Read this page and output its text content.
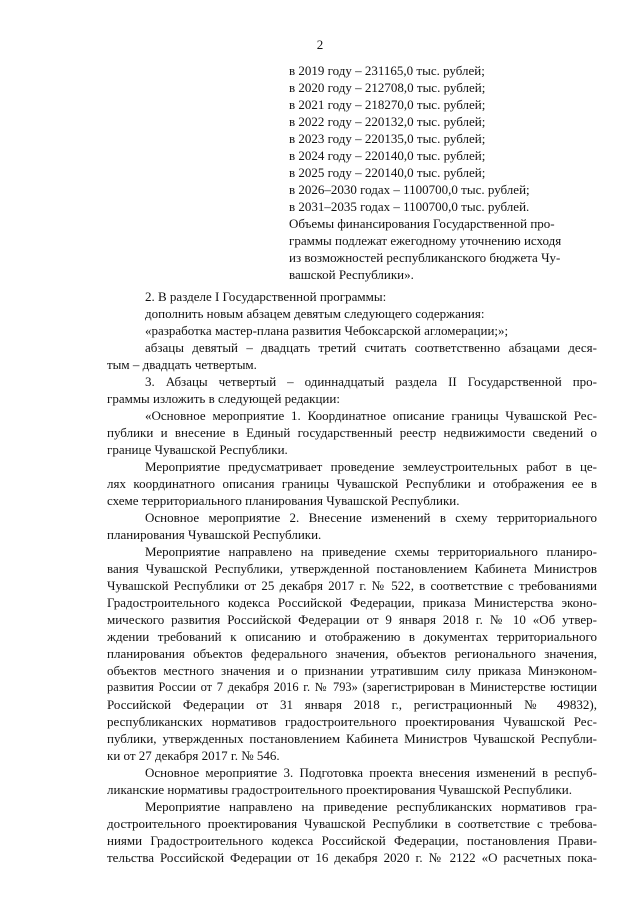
2
в 2019 году – 231165,0 тыс. рублей;
в 2020 году – 212708,0 тыс. рублей;
в 2021 году – 218270,0 тыс. рублей;
в 2022 году – 220132,0 тыс. рублей;
в 2023 году – 220135,0 тыс. рублей;
в 2024 году – 220140,0 тыс. рублей;
в 2025 году – 220140,0 тыс. рублей;
в 2026–2030 годах – 1100700,0 тыс. рублей;
в 2031–2035 годах – 1100700,0 тыс. рублей.
Объемы финансирования Государственной про-
граммы подлежат ежегодному уточнению исходя
из возможностей республиканского бюджета Чу-
вашской Республики».
2. В разделе I Государственной программы:
дополнить новым абзацем девятым следующего содержания:
«разработка мастер-плана развития Чебоксарской агломерации;»;
абзацы девятый – двадцать третий считать соответственно абзацами деся-
тым – двадцать четвертым.
3. Абзацы четвертый – одиннадцатый раздела II Государственной про-
граммы изложить в следующей редакции:
«Основное мероприятие 1. Координатное описание границы Чувашской Рес-
публики и внесение в Единый государственный реестр недвижимости сведений о
границе Чувашской Республики.
Мероприятие предусматривает проведение землеустроительных работ в це-
лях координатного описания границы Чувашской Республики и отображения ее в
схеме территориального планирования Чувашской Республики.
Основное мероприятие 2. Внесение изменений в схему территориального
планирования Чувашской Республики.
Мероприятие направлено на приведение схемы территориального планиро-
вания Чувашской Республики, утвержденной постановлением Кабинета Министров
Чувашской Республики от 25 декабря 2017 г. № 522, в соответствие с требованиями
Градостроительного кодекса Российской Федерации, приказа Министерства эконо-
мического развития Российской Федерации от 9 января 2018 г. № 10 «Об утвер-
ждении требований к описанию и отображению в документах территориального
планирования объектов федерального значения, объектов регионального значения,
объектов местного значения и о признании утратившим силу приказа Минэконом-
развития России от 7 декабря 2016 г. № 793» (зарегистрирован в Министерстве юстиции
Российской Федерации от 31 января 2018 г., регистрационный № 49832),
республиканских нормативов градостроительного проектирования Чувашской Рес-
публики, утвержденных постановлением Кабинета Министров Чувашской Республи-
ки от 27 декабря 2017 г. № 546.
Основное мероприятие 3. Подготовка проекта внесения изменений в респуб-
ликанские нормативы градостроительного проектирования Чувашской Республики.
Мероприятие направлено на приведение республиканских нормативов гра-
достроительного проектирования Чувашской Республики в соответствие с требова-
ниями Градостроительного кодекса Российской Федерации, постановления Прави-
тельства Российской Федерации от 16 декабря 2020 г. № 2122 «О расчетных пока-
